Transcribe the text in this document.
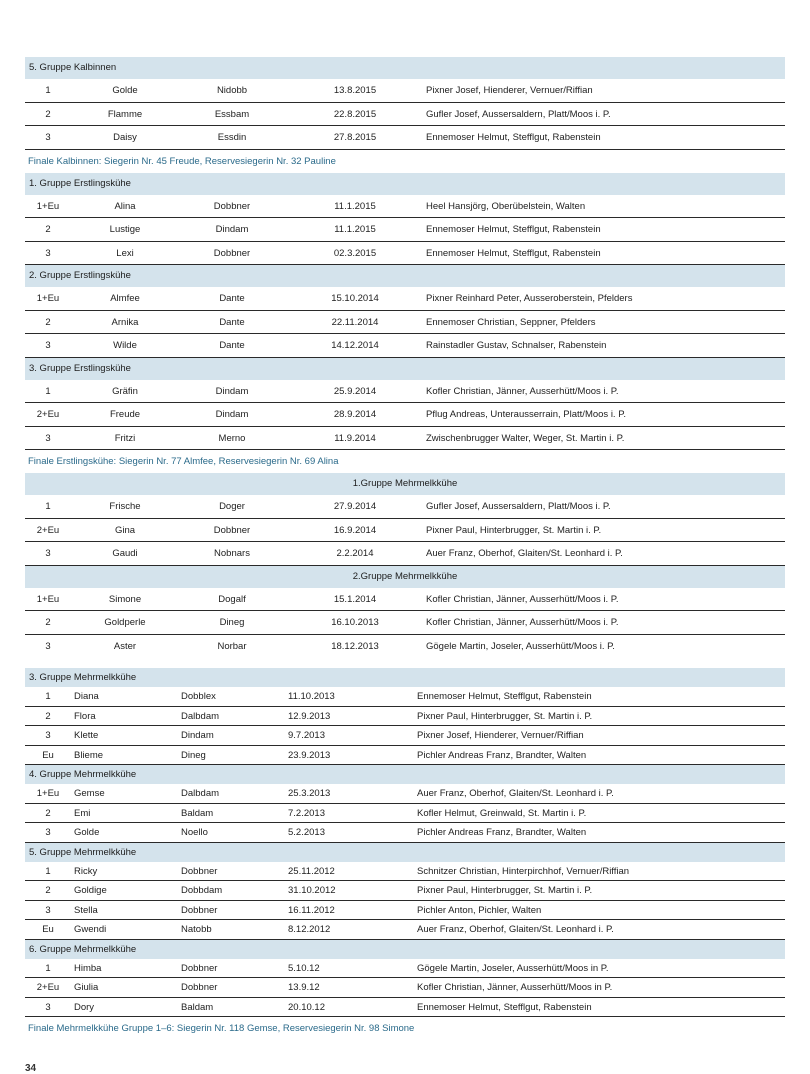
5. Gruppe Kalbinnen
1	Golde	Nidobb	13.8.2015	Pixner Josef, Hienderer, Vernuer/Riffian
2	Flamme	Essbam	22.8.2015	Gufler Josef, Aussersaldern, Platt/Moos i. P.
3	Daisy	Essdin	27.8.2015	Ennemoser Helmut, Stefflgut, Rabenstein
Finale Kalbinnen: Siegerin Nr. 45 Freude, Reservesiegerin Nr. 32 Pauline
1. Gruppe Erstlingskühe
1+Eu	Alina	Dobbner	11.1.2015	Heel Hansjörg, Oberübelstein, Walten
2	Lustige	Dindam	11.1.2015	Ennemoser Helmut, Stefflgut, Rabenstein
3	Lexi	Dobbner	02.3.2015	Ennemoser Helmut, Stefflgut, Rabenstein
2. Gruppe Erstlingskühe
1+Eu	Almfee	Dante	15.10.2014	Pixner Reinhard Peter, Ausseroberstein, Pfelders
2	Arnika	Dante	22.11.2014	Ennemoser Christian, Seppner, Pfelders
3	Wilde	Dante	14.12.2014	Rainstadler Gustav, Schnalser, Rabenstein
3. Gruppe Erstlingskühe
1	Gräfin	Dindam	25.9.2014	Kofler Christian, Jänner, Ausserhütt/Moos i. P.
2+Eu	Freude	Dindam	28.9.2014	Pflug Andreas, Unterausserrain, Platt/Moos i. P.
3	Fritzi	Merno	11.9.2014	Zwischenbrugger Walter, Weger, St. Martin i. P.
Finale Erstlingskühe: Siegerin Nr. 77 Almfee, Reservesiegerin Nr. 69 Alina
1.Gruppe Mehrmelkkühe
1	Frische	Doger	27.9.2014	Gufler Josef, Aussersaldern, Platt/Moos i. P.
2+Eu	Gina	Dobbner	16.9.2014	Pixner Paul, Hinterbrugger, St. Martin i. P.
3	Gaudi	Nobnars	2.2.2014	Auer Franz, Oberhof, Glaiten/St. Leonhard i. P.
2.Gruppe Mehrmelkkühe
1+Eu	Simone	Dogalf	15.1.2014	Kofler Christian, Jänner, Ausserhütt/Moos i. P.
2	Goldperle	Dineg	16.10.2013	Kofler Christian, Jänner, Ausserhütt/Moos i. P.
3	Aster	Norbar	18.12.2013	Gögele Martin, Joseler, Ausserhütt/Moos i. P.
3. Gruppe Mehrmelkkühe
1	Diana	Dobblex	11.10.2013	Ennemoser Helmut, Stefflgut, Rabenstein
2	Flora	Dalbdam	12.9.2013	Pixner Paul, Hinterbrugger, St. Martin i. P.
3	Klette	Dindam	9.7.2013	Pixner Josef, Hienderer, Vernuer/Riffian
Eu	Blieme	Dineg	23.9.2013	Pichler Andreas Franz, Brandter, Walten
4. Gruppe Mehrmelkkühe
1+Eu	Gemse	Dalbdam	25.3.2013	Auer Franz, Oberhof, Glaiten/St. Leonhard i. P.
2	Emi	Baldam	7.2.2013	Kofler Helmut, Greinwald, St. Martin i. P.
3	Golde	Noello	5.2.2013	Pichler Andreas Franz, Brandter, Walten
5. Gruppe Mehrmelkkühe
1	Ricky	Dobbner	25.11.2012	Schnitzer Christian, Hinterpirchhof, Vernuer/Riffian
2	Goldige	Dobbdam	31.10.2012	Pixner Paul, Hinterbrugger, St. Martin i. P.
3	Stella	Dobbner	16.11.2012	Pichler Anton, Pichler, Walten
Eu	Gwendi	Natobb	8.12.2012	Auer Franz, Oberhof, Glaiten/St. Leonhard i. P.
6. Gruppe Mehrmelkkühe
1	Himba	Dobbner	5.10.12	Gögele Martin, Joseler, Ausserhütt/Moos in P.
2+Eu	Giulia	Dobbner	13.9.12	Kofler Christian, Jänner, Ausserhütt/Moos in P.
3	Dory	Baldam	20.10.12	Ennemoser Helmut, Stefflgut, Rabenstein
Finale Mehrmelkkühe Gruppe 1–6: Siegerin Nr. 118 Gemse, Reservesiegerin Nr. 98 Simone
34
